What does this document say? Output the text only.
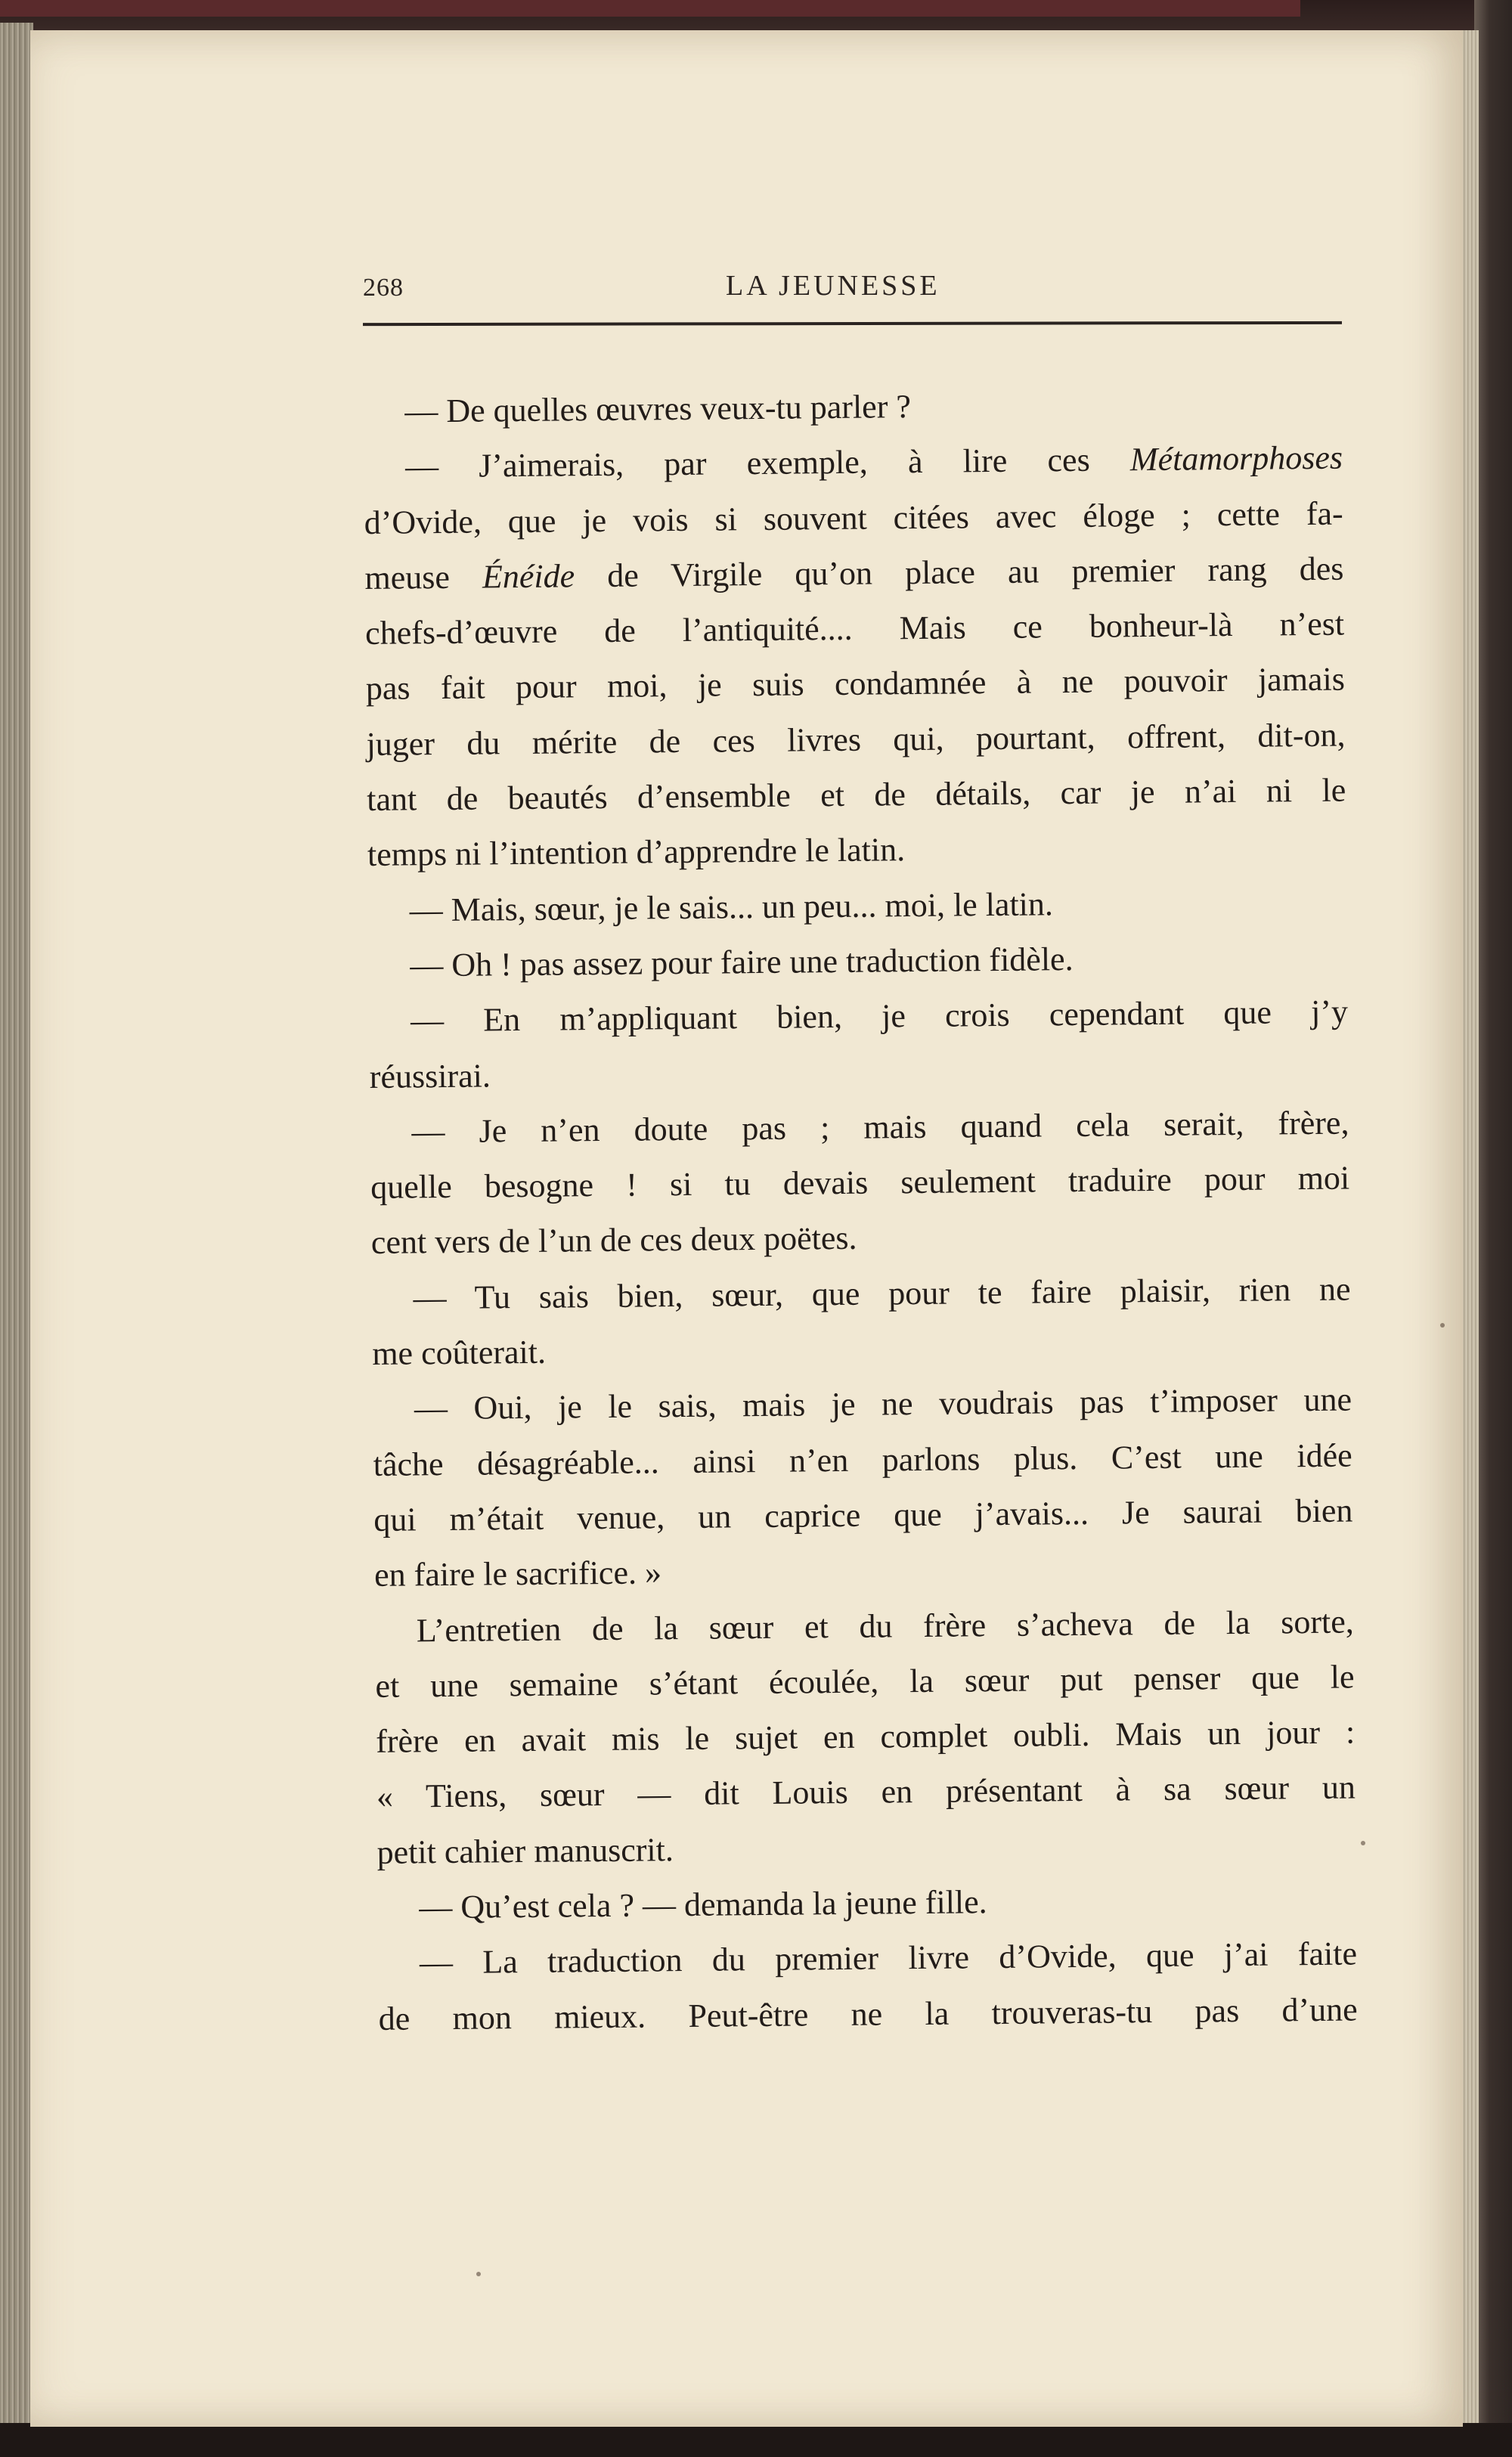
268	LA JEUNESSE
— De quelles œuvres veux-tu parler ?
— J’aimerais, par exemple, à lire ces Métamorphoses
d’Ovide, que je vois si souvent citées avec éloge ; cette fa-
meuse Énéide de Virgile qu’on place au premier rang des
chefs-d’œuvre de l’antiquité.... Mais ce bonheur-là n’est
pas fait pour moi, je suis condamnée à ne pouvoir jamais
juger du mérite de ces livres qui, pourtant, offrent, dit-on,
tant de beautés d’ensemble et de détails, car je n’ai ni le
temps ni l’intention d’apprendre le latin.
— Mais, sœur, je le sais... un peu... moi, le latin.
— Oh ! pas assez pour faire une traduction fidèle.
— En m’appliquant bien, je crois cependant que j’y
réussirai.
— Je n’en doute pas ; mais quand cela serait, frère,
quelle besogne ! si tu devais seulement traduire pour moi
cent vers de l’un de ces deux poëtes.
— Tu sais bien, sœur, que pour te faire plaisir, rien ne
me coûterait.
— Oui, je le sais, mais je ne voudrais pas t’imposer une
tâche désagréable... ainsi n’en parlons plus. C’est une idée
qui m’était venue, un caprice que j’avais... Je saurai bien
en faire le sacrifice. »
L’entretien de la sœur et du frère s’acheva de la sorte,
et une semaine s’étant écoulée, la sœur put penser que le
frère en avait mis le sujet en complet oubli. Mais un jour :
« Tiens, sœur — dit Louis en présentant à sa sœur un
petit cahier manuscrit.
— Qu’est cela ? — demanda la jeune fille.
— La traduction du premier livre d’Ovide, que j’ai faite
de mon mieux. Peut-être ne la trouveras-tu pas d’une
